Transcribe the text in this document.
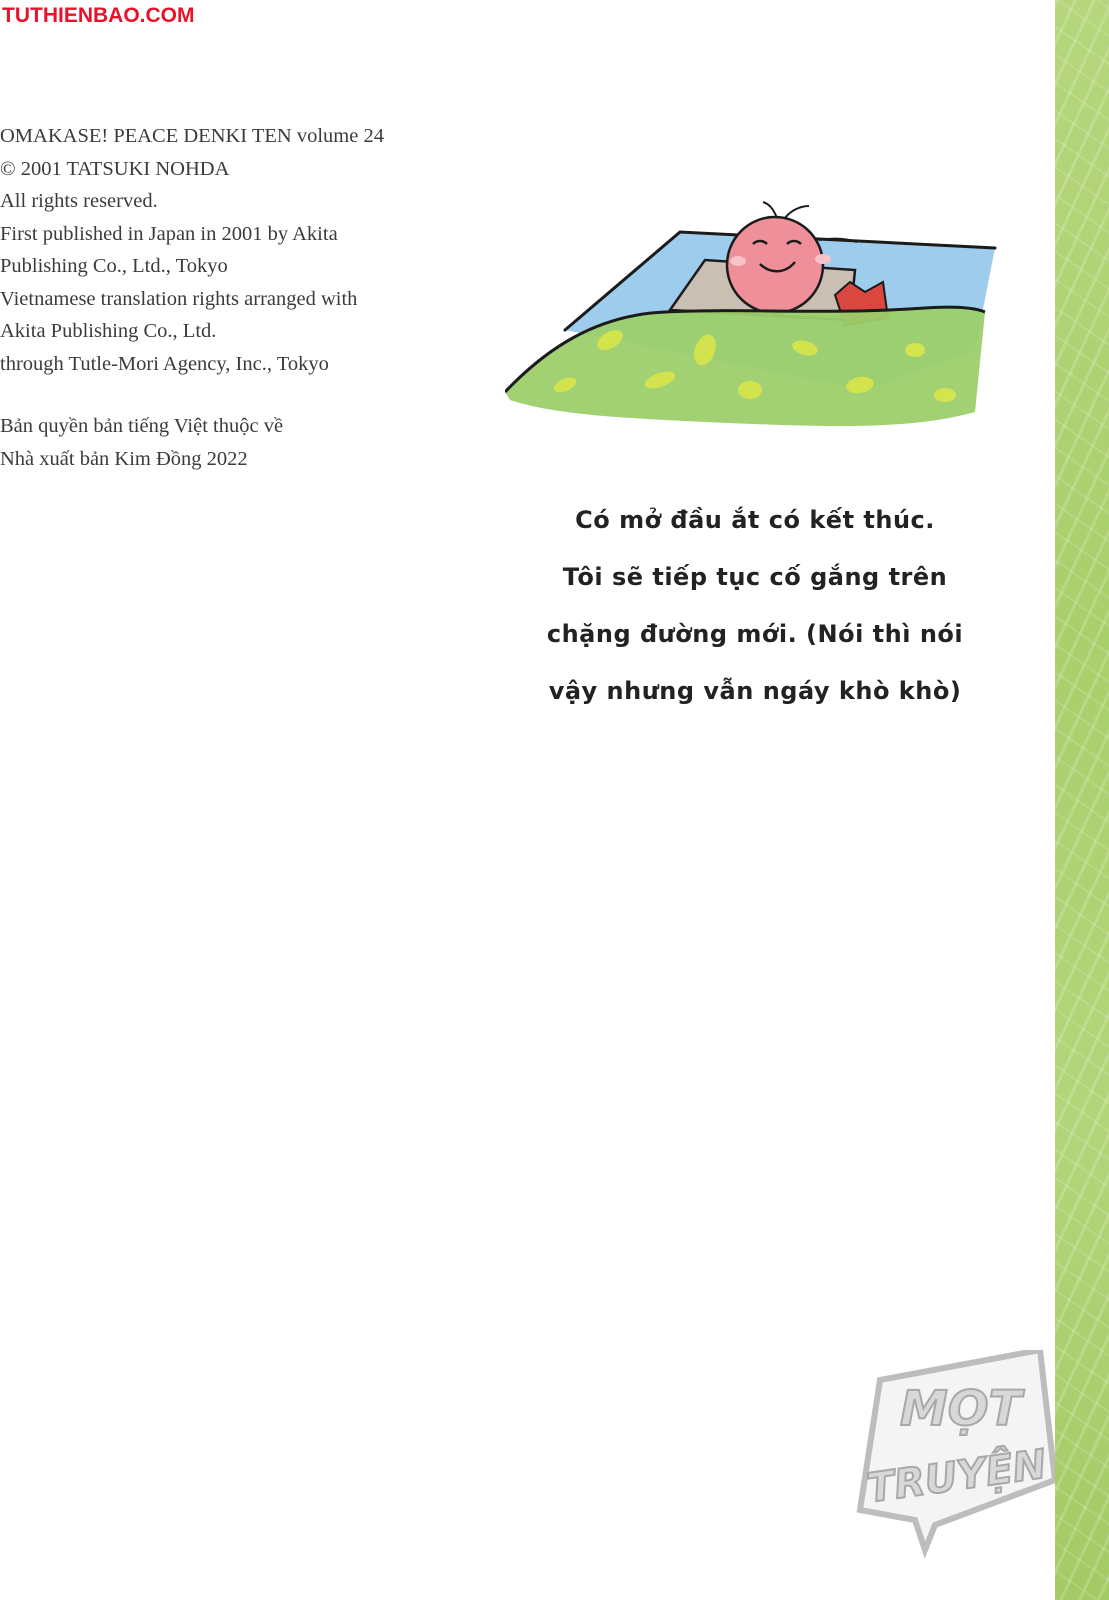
TUTHIENBAO.COM
OMAKASE! PEACE DENKI TEN volume 24
© 2001 TATSUKI NOHDA
All rights reserved.
First published in Japan in 2001 by Akita
Publishing Co., Ltd., Tokyo
Vietnamese translation rights arranged with
Akita Publishing Co., Ltd.
through Tutle-Mori Agency, Inc., Tokyo
Bản quyền bản tiếng Việt thuộc về
Nhà xuất bản Kim Đồng 2022
Có mở đầu ắt có kết thúc.
Tôi sẽ tiếp tục cố gắng trên
chặng đường mới. (Nói thì nói
vậy nhưng vẫn ngáy khò khò)
MỌT
TRUYỆN
